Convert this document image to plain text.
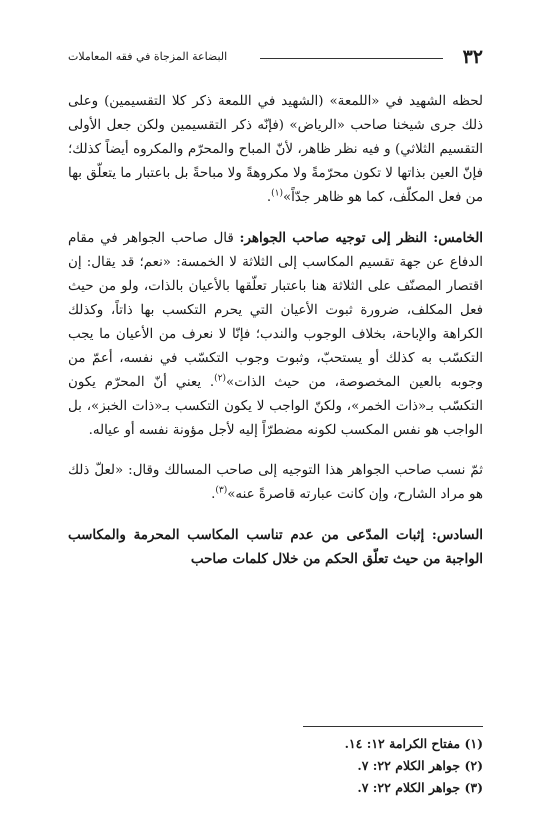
٣٢
البضاعة المزجاة في فقه المعاملات

لحظه الشهيد في «اللمعة» (الشهيد في اللمعة ذكر كلا التقسيمين) وعلى ذلك جرى شيخنا صاحب «الرياض» (فإنّه ذكر التقسيمين ولكن جعل الأولى التقسيم الثلاثي) و فيه نظر ظاهر، لأنّ المباح والمحرّم والمكروه أيضاً كذلك؛ فإنّ العين بذاتها لا تكون محرّمةً ولا مكروهةً ولا مباحةً بل باعتبار ما يتعلّق بها من فعل المكلّف، كما هو ظاهر جدّاً»$^{(١)}$.

الخامس: النظر إلى توجيه صاحب الجواهر: قال صاحب الجواهر في مقام الدفاع عن جهة تقسيم المكاسب إلى الثلاثة لا الخمسة: «نعم؛ قد يقال: إن اقتصار المصنّف على الثلاثة هنا باعتبار تعلّقها بالأعيان بالذات، ولو من حيث فعل المكلف، ضرورة ثبوت الأعيان التي يحرم التكسب بها ذاتاً، وكذلك الكراهة والإباحة، بخلاف الوجوب والندب؛ فإنّا لا نعرف من الأعيان ما يجب التكسّب به كذلك أو يستحبّ، وثبوت وجوب التكسّب في نفسه، أعمّ من وجوبه بالعين المخصوصة، من حيث الذات»$^{(٢)}$. يعني أنّ المحرّم يكون التكسّب بـ«ذات الخمر»، ولكنّ الواجب لا يكون التكسب بـ«ذات الخبز»، بل الواجب هو نفس المكسب لكونه مضطرّاً إليه لأجل مؤونة نفسه أو عياله.

ثمّ نسب صاحب الجواهر هذا التوجيه إلى صاحب المسالك وقال: «لعلّ ذلك هو مراد الشارح، وإن كانت عبارته قاصرةً عنه»$^{(٣)}$.

السادس: إثبات المدّعى من عدم تناسب المكاسب المحرمة والمكاسب الواجبة من حيث تعلّق الحكم من خلال كلمات صاحب

(١) مفتاح الكرامة ١٢: ١٤.

(٢) جواهر الكلام ٢٢: ٧.

(٣) جواهر الكلام ٢٢: ٧.
